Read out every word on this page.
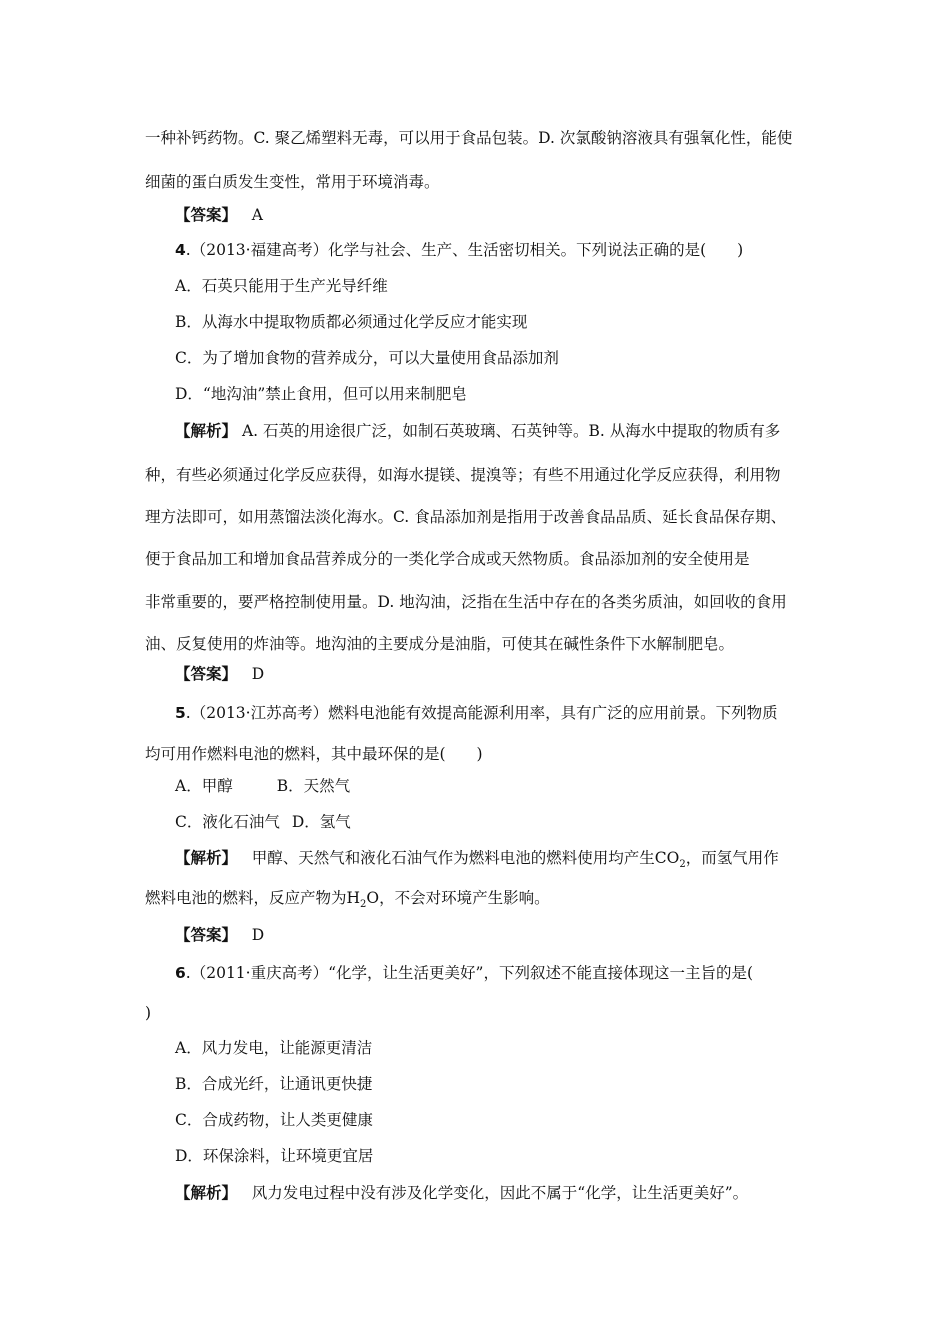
一种补钙药物。C. 聚乙烯塑料无毒，可以用于食品包装。D. 次氯酸钠溶液具有强氧化性，能使
细菌的蛋白质发生变性，常用于环境消毒。
【答案】 A
4.（2013·福建高考）化学与社会、生产、生活密切相关。下列说法正确的是(　　)
A．石英只能用于生产光导纤维
B．从海水中提取物质都必须通过化学反应才能实现
C．为了增加食物的营养成分，可以大量使用食品添加剂
D．“地沟油”禁止食用，但可以用来制肥皂
【解析】 A. 石英的用途很广泛，如制石英玻璃、石英钟等。B. 从海水中提取的物质有多
种，有些必须通过化学反应获得，如海水提镁、提溴等；有些不用通过化学反应获得，利用物
理方法即可，如用蒸馏法淡化海水。C. 食品添加剂是指用于改善食品品质、延长食品保存期、
便于食品加工和增加食品营养成分的一类化学合成或天然物质。食品添加剂的安全使用是
非常重要的，要严格控制使用量。D. 地沟油，泛指在生活中存在的各类劣质油，如回收的食用
油、反复使用的炸油等。地沟油的主要成分是油脂，可使其在碱性条件下水解制肥皂。
【答案】 D
5.（2013·江苏高考）燃料电池能有效提高能源利用率，具有广泛的应用前景。下列物质
均可用作燃料电池的燃料，其中最环保的是(　　)
A．甲醇	B．天然气
C．液化石油气 D．氢气
【解析】 甲醇、天然气和液化石油气作为燃料电池的燃料使用均产生$CO_2$，而氢气用作
燃料电池的燃料，反应产物为$H_2O$，不会对环境产生影响。
【答案】 D
6.（2011·重庆高考）“化学，让生活更美好”，下列叙述不能直接体现这一主旨的是(
)
A．风力发电，让能源更清洁
B．合成光纤，让通讯更快捷
C．合成药物，让人类更健康
D．环保涂料，让环境更宜居
【解析】 风力发电过程中没有涉及化学变化，因此不属于“化学，让生活更美好”。
